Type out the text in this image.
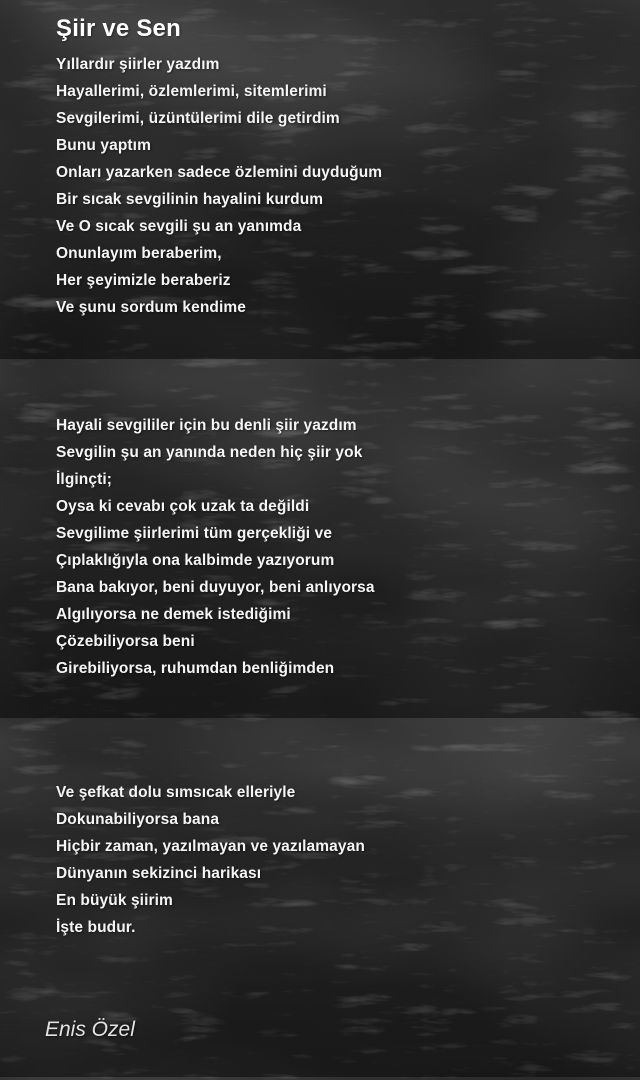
Şiir ve Sen

Yıllardır şiirler yazdım

Hayallerimi, özlemlerimi, sitemlerimi

Sevgilerimi, üzüntülerimi dile getirdim

Bunu yaptım

Onları yazarken sadece özlemini duyduğum

Bir sıcak sevgilinin hayalini kurdum

Ve O sıcak sevgili şu an yanımda

Onunlayım beraberim,

Her şeyimizle beraberiz

Ve şunu sordum kendime

Hayali sevgililer için bu denli şiir yazdım

Sevgilin şu an yanında neden hiç şiir yok

İlginçti;

Oysa ki cevabı çok uzak ta değildi

Sevgilime şiirlerimi tüm gerçekliği ve

Çıplaklığıyla ona kalbimde yazıyorum

Bana bakıyor, beni duyuyor, beni anlıyorsa

Algılıyorsa ne demek istediğimi

Çözebiliyorsa beni

Girebiliyorsa, ruhumdan benliğimden

Ve şefkat dolu sımsıcak elleriyle

Dokunabiliyorsa bana

Hiçbir zaman, yazılmayan ve yazılamayan

Dünyanın sekizinci harikası

En büyük şiirim

İşte budur.

Enis Özel
